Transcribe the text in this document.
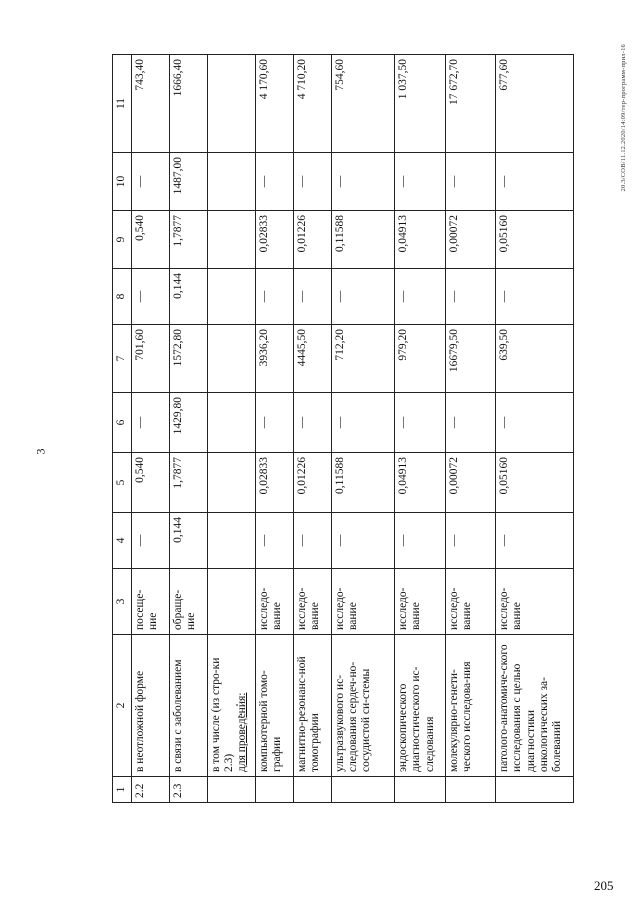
3
20.3/СОВ/11.12.2020/14:09/тер-программ-прил-16
1	2	3	4	5	6	7	8	9	10	11
2.2	в неотложной форме	посеще-ние	—	0,540	—	701,60	—	0,540	—	743,40
2.3	в связи с заболеванием	обраще-ние	0,144	1,7877	1429,80	1572,80	0,144	1,7877	1487,00	1666,40
	в том числе (из стро-ки 2.3)
для проведения:									
	компьютерной томо-графии	исследо-вание	—	0,02833	—	3936,20	—	0,02833	—	4 170,60
	магнитно-резонанс-ной томографии	исследо-вание	—	0,01226	—	4445,50	—	0,01226	—	4 710,20
	ультразвукового ис-следования сердеч-но-сосудистой си-стемы	исследо-вание	—	0,11588	—	712,20	—	0,11588	—	754,60
	эндоскопического диагностического ис-следования	исследо-вание	—	0,04913	—	979,20	—	0,04913	—	1 037,50
	молекулярно-генети-ческого исследова-ния	исследо-вание	—	0,00072	—	16679,50	—	0,00072	—	17 672,70
	патолого-анатомиче-ского исследования с целью диагностики онкологических за-болеваний	исследо-вание	—	0,05160	—	639,50	—	0,05160	—	677,60
205
